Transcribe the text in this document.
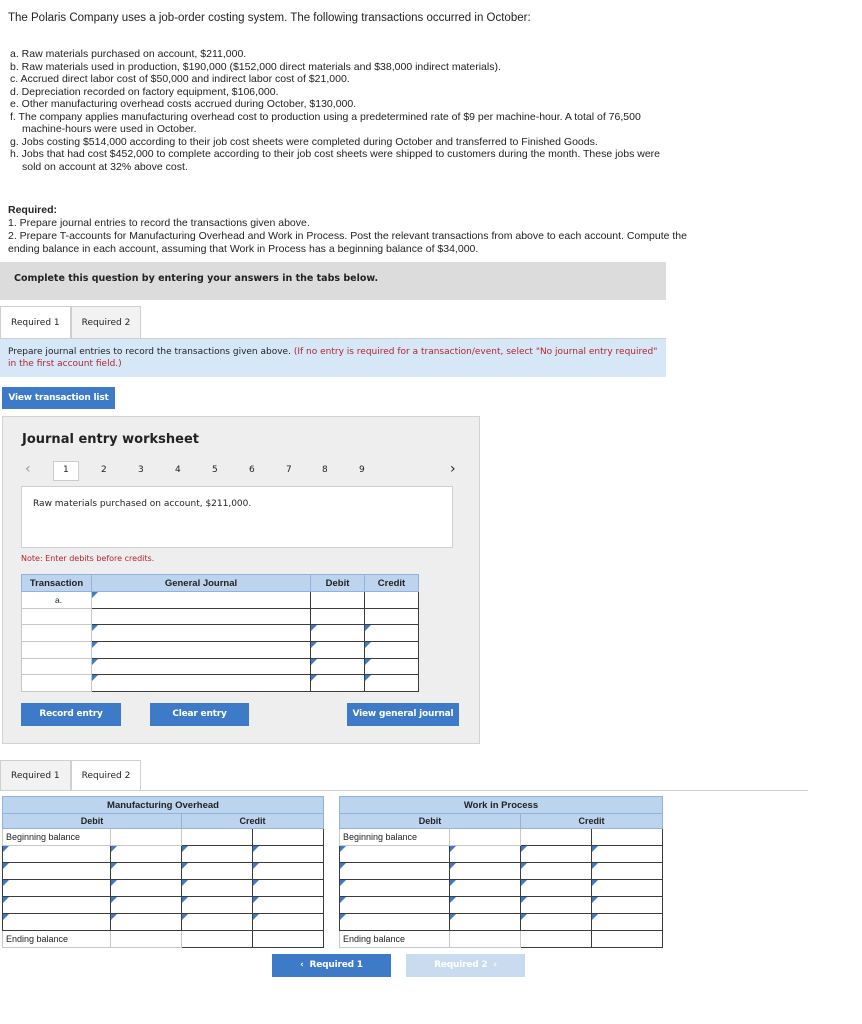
The Polaris Company uses a job-order costing system. The following transactions occurred in October:
a. Raw materials purchased on account, $211,000.
b. Raw materials used in production, $190,000 ($152,000 direct materials and $38,000 indirect materials).
c. Accrued direct labor cost of $50,000 and indirect labor cost of $21,000.
d. Depreciation recorded on factory equipment, $106,000.
e. Other manufacturing overhead costs accrued during October, $130,000.
f. The company applies manufacturing overhead cost to production using a predetermined rate of $9 per machine-hour. A total of 76,500 machine-hours were used in October.
g. Jobs costing $514,000 according to their job cost sheets were completed during October and transferred to Finished Goods.
h. Jobs that had cost $452,000 to complete according to their job cost sheets were shipped to customers during the month. These jobs were sold on account at 32% above cost.
Required:
1. Prepare journal entries to record the transactions given above.
2. Prepare T-accounts for Manufacturing Overhead and Work in Process. Post the relevant transactions from above to each account. Compute the ending balance in each account, assuming that Work in Process has a beginning balance of $34,000.
Complete this question by entering your answers in the tabs below.
Required 1	Required 2
Prepare journal entries to record the transactions given above. (If no entry is required for a transaction/event, select "No journal entry required" in the first account field.)
View transaction list
Journal entry worksheet
‹	1	2	3	4	5	6	7	8	9	›
Raw materials purchased on account, $211,000.
Note: Enter debits before credits.
Transaction	General Journal	Debit	Credit
a.	

Record entry	Clear entry	View general journal
Required 1	Required 2
Manufacturing Overhead			
Debit		Credit	
Beginning balance			

Ending balance			
Work in Process			
Debit		Credit	
Beginning balance			

Ending balance			
‹  Required 1	Required 2  ›
